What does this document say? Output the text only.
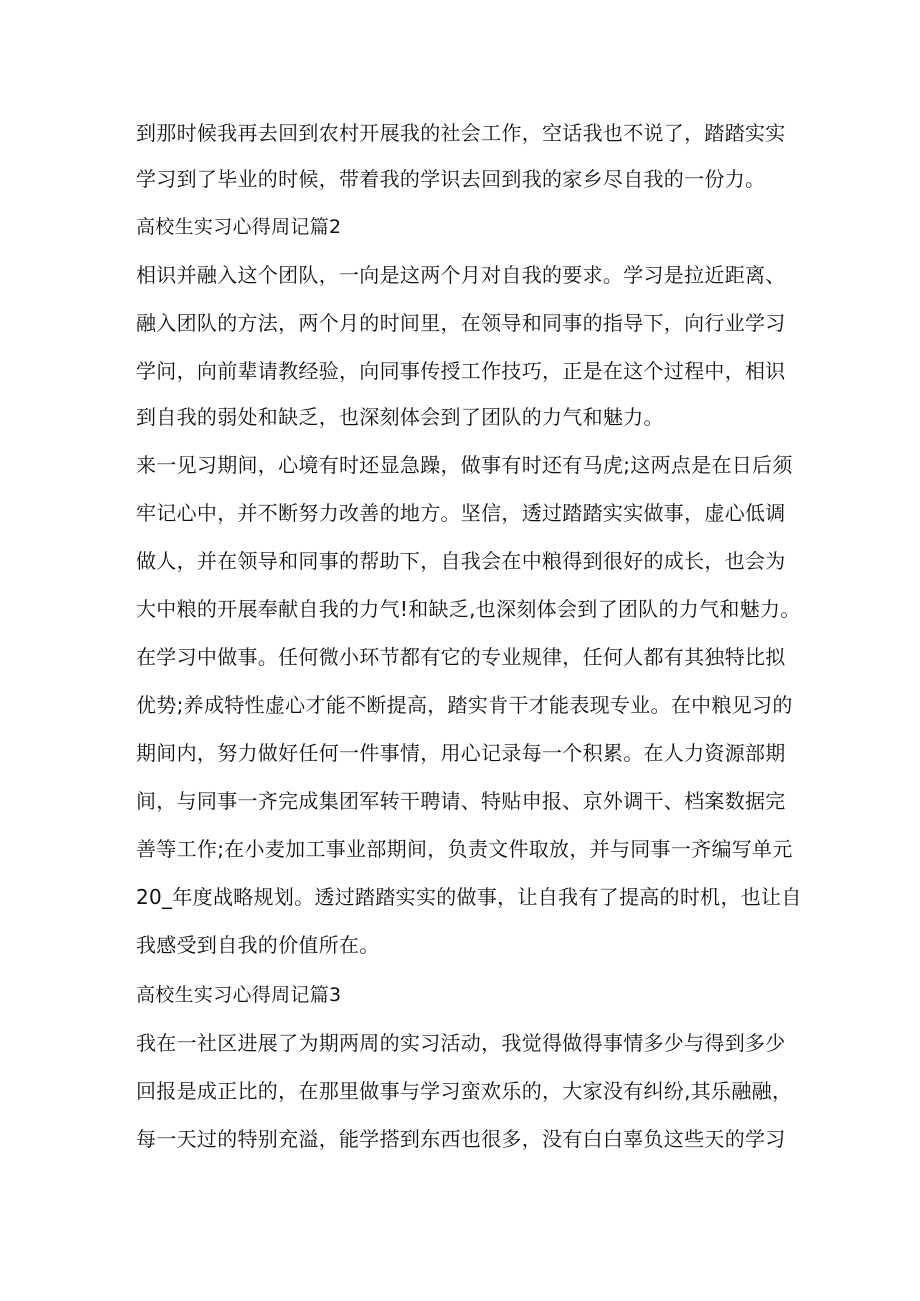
到那时候我再去回到农村开展我的社会工作，空话我也不说了，踏踏实实
学习到了毕业的时候，带着我的学识去回到我的家乡尽自我的一份力。
高校生实习心得周记篇2
相识并融入这个团队，一向是这两个月对自我的要求。学习是拉近距离、
融入团队的方法，两个月的时间里，在领导和同事的指导下，向行业学习
学问，向前辈请教经验，向同事传授工作技巧，正是在这个过程中，相识
到自我的弱处和缺乏，也深刻体会到了团队的力气和魅力。
来一见习期间，心境有时还显急躁，做事有时还有马虎;这两点是在日后须
牢记心中，并不断努力改善的地方。坚信，透过踏踏实实做事，虚心低调
做人，并在领导和同事的帮助下，自我会在中粮得到很好的成长，也会为
大中粮的开展奉献自我的力气!和缺乏,也深刻体会到了团队的力气和魅力。
在学习中做事。任何微小环节都有它的专业规律，任何人都有其独特比拟
优势;养成特性虚心才能不断提高，踏实肯干才能表现专业。在中粮见习的
期间内，努力做好任何一件事情，用心记录每一个积累。在人力资源部期
间，与同事一齐完成集团军转干聘请、特贴申报、京外调干、档案数据完
善等工作;在小麦加工事业部期间，负责文件取放，并与同事一齐编写单元
20_年度战略规划。透过踏踏实实的做事，让自我有了提高的时机，也让自
我感受到自我的价值所在。
高校生实习心得周记篇3
我在一社区进展了为期两周的实习活动，我觉得做得事情多少与得到多少
回报是成正比的，在那里做事与学习蛮欢乐的，大家没有纠纷,其乐融融，
每一天过的特别充溢，能学搭到东西也很多，没有白白辜负这些天的学习
